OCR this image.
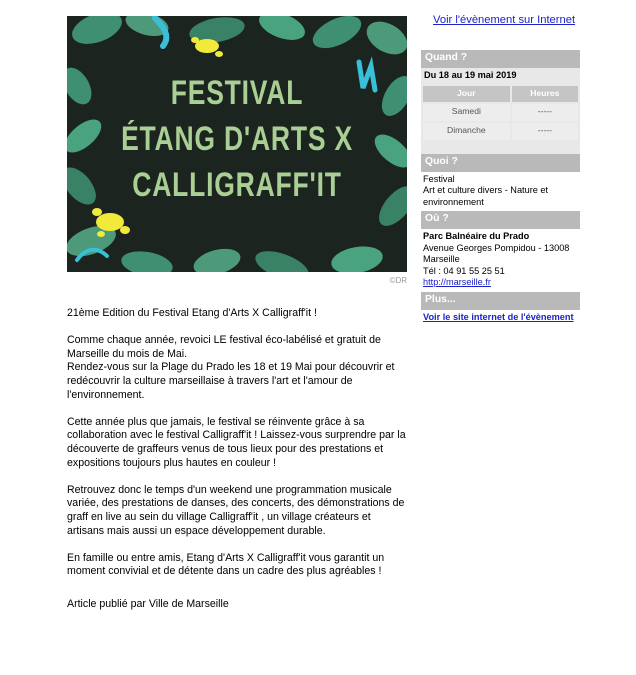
FESTIVAL
ÉTANG D'ARTS X
CALLIGRAFF'IT
©DR

21ème Edition du Festival Etang d'Arts X Calligraff'it !

Comme chaque année, revoici LE festival éco-labélisé et gratuit de Marseille du mois de Mai.
Rendez-vous sur la Plage du Prado les 18 et 19 Mai pour découvrir et redécouvrir la culture marseillaise à travers l'art et l'amour de l'environnement.

Cette année plus que jamais, le festival se réinvente grâce à sa collaboration avec le festival Calligraff'it ! Laissez-vous surprendre par la découverte de graffeurs venus de tous lieux pour des prestations et expositions toujours plus hautes en couleur !

Retrouvez donc le temps d'un weekend une programmation musicale variée, des prestations de danses, des concerts, des démonstrations de graff en live au sein du village Calligraff'it , un village créateurs et artisans mais aussi un espace développement durable.

En famille ou entre amis, Etang d'Arts X Calligraff'it vous garantit un moment convivial et de détente dans un cadre des plus agréables !

Article publié par Ville de Marseille
Voir l'évènement sur Internet
Quand ?
Du 18 au 19 mai 2019
Jour	Heures
Samedi	-----
Dimanche	-----
Quoi ?
Festival
Art et culture divers - Nature et environnement
Où ?
Parc Balnéaire du Prado
Avenue Georges Pompidou - 13008 Marseille
Tél : 04 91 55 25 51
http://marseille.fr
Plus...
Voir le site internet de l'évènement
